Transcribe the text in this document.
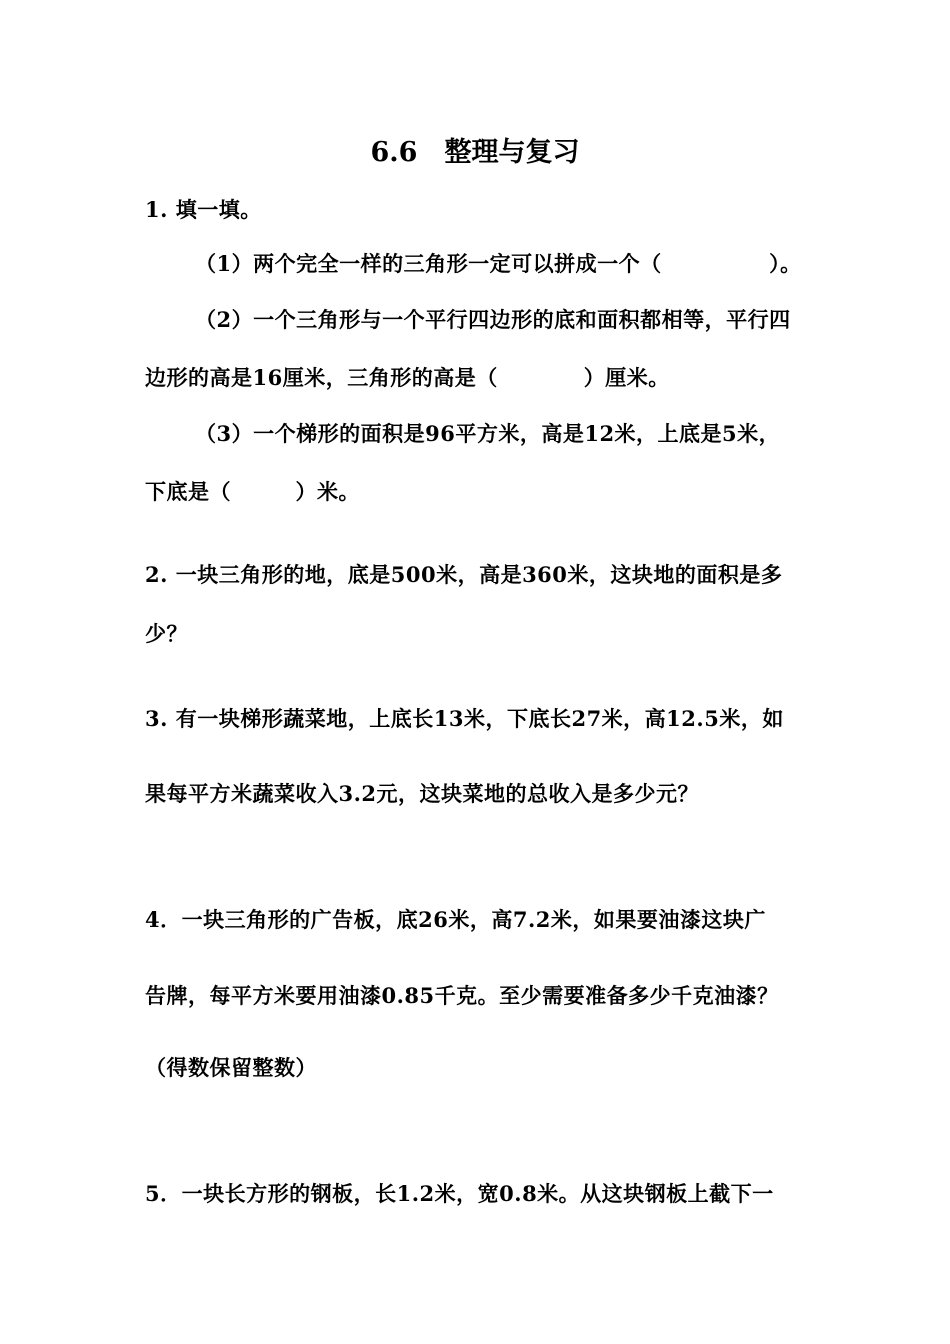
6.6　整理与复习
1. 填一填。
（1）两个完全一样的三角形一定可以拼成一个（　　　　　）。
（2）一个三角形与一个平行四边形的底和面积都相等，平行四
边形的高是16厘米，三角形的高是（　　　　）厘米。
（3）一个梯形的面积是96平方米，高是12米，上底是5米，
下底是（　　　）米。
2. 一块三角形的地，底是500米，高是360米，这块地的面积是多
少？
3. 有一块梯形蔬菜地，上底长13米，下底长27米，高12.5米，如
果每平方米蔬菜收入3.2元，这块菜地的总收入是多少元？
4．一块三角形的广告板，底26米，高7.2米，如果要油漆这块广
告牌，每平方米要用油漆0.85千克。至少需要准备多少千克油漆？
（得数保留整数）
5．一块长方形的钢板，长1.2米，宽0.8米。从这块钢板上截下一
